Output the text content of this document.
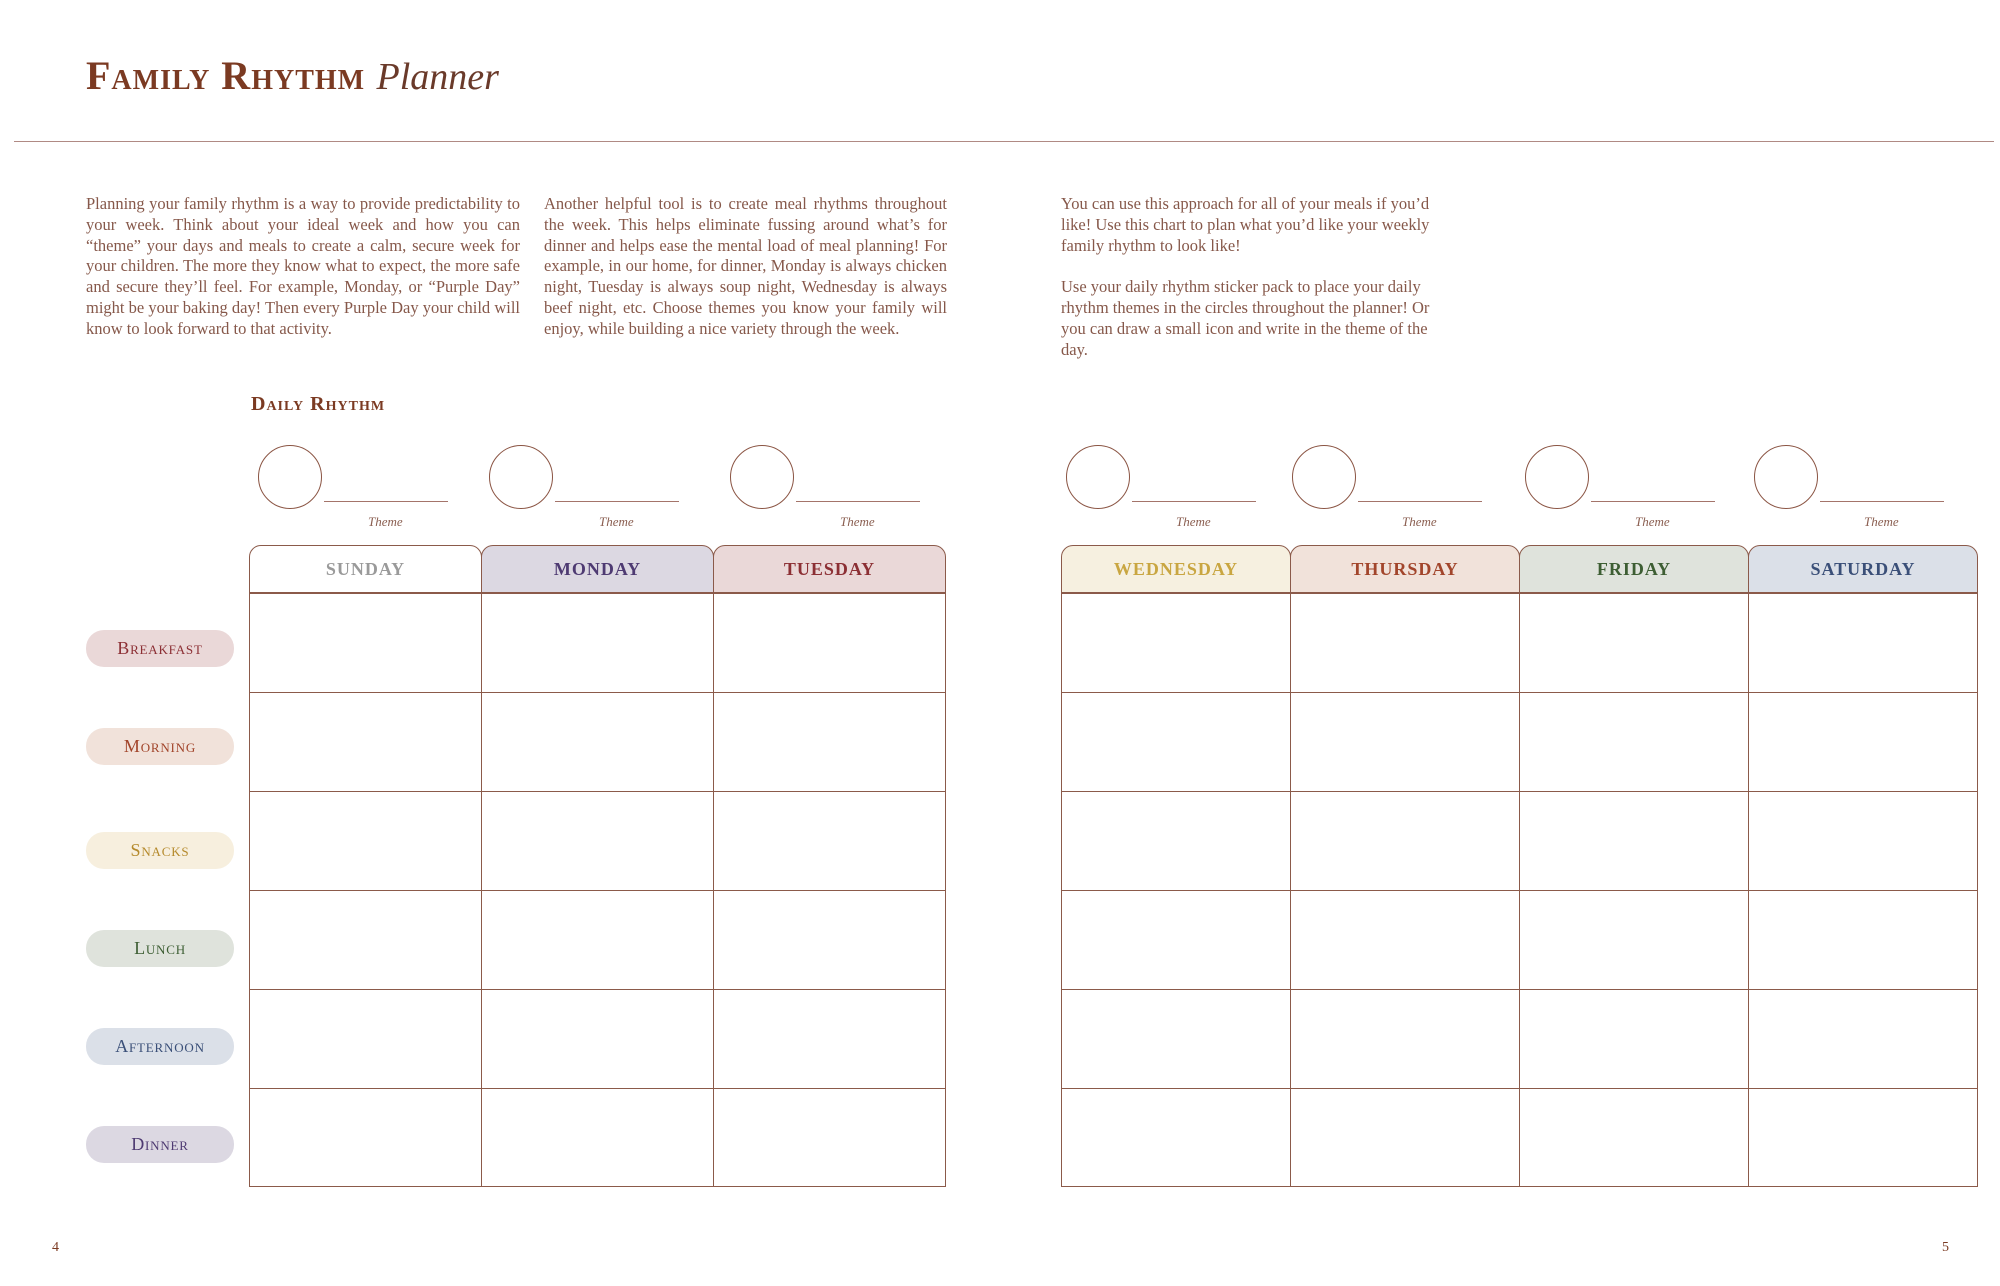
Family Rhythm Planner
Planning your family rhythm is a way to provide predictability to your week. Think about your ideal week and how you can “theme” your days and meals to create a calm, secure week for your children. The more they know what to expect, the more safe and secure they’ll feel. For example, Monday, or “Purple Day” might be your baking day! Then every Purple Day your child will know to look forward to that activity.
Another helpful tool is to create meal rhythms throughout the week. This helps eliminate fussing around what’s for dinner and helps ease the mental load of meal planning! For example, in our home, for dinner, Monday is always chicken night, Tuesday is always soup night, Wednesday is always beef night, etc. Choose themes you know your family will enjoy, while building a nice variety through the week.
You can use this approach for all of your meals if you’d like! Use this chart to plan what you’d like your weekly family rhythm to look like!
Use your daily rhythm sticker pack to place your daily rhythm themes in the circles throughout the planner! Or you can draw a small icon and write in the theme of the day.
Daily Rhythm
Theme	Theme	Theme	Theme	Theme	Theme	Theme
SUNDAY	MONDAY	TUESDAY	WEDNESDAY	THURSDAY	FRIDAY	SATURDAY
Breakfast
Morning
Snacks
Lunch
Afternoon
Dinner
4	5
